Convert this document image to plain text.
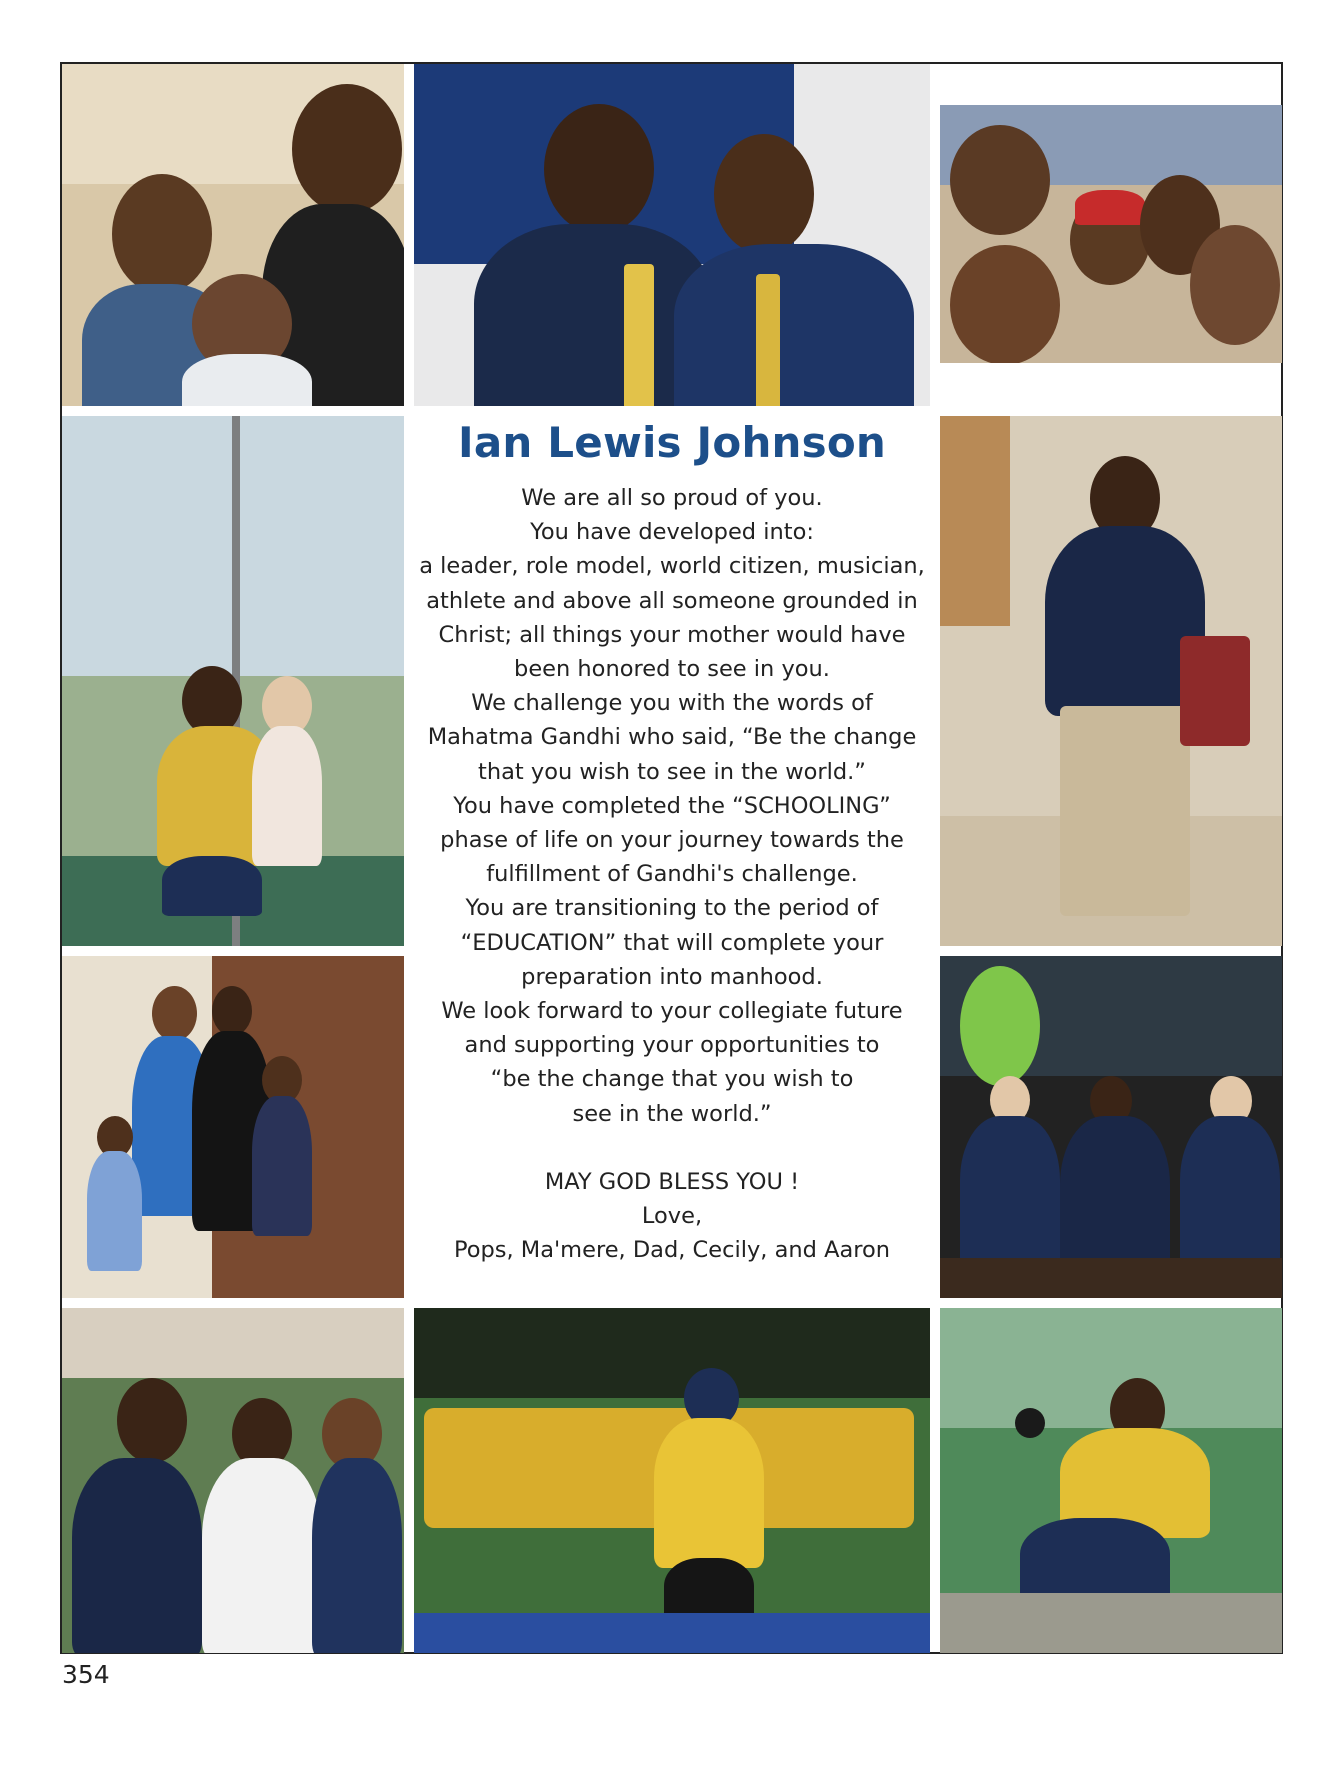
Ian Lewis Johnson
We are all so proud of you.
You have developed into:
a leader, role model, world citizen, musician,
athlete and above all someone grounded in
Christ; all things your mother would have
been honored to see in you.
We challenge you with the words of
Mahatma Gandhi who said, “Be the change
that you wish to see in the world.”
You have completed the “SCHOOLING”
phase of life on your journey towards the
fulfillment of Gandhi's challenge.
You are transitioning to the period of
“EDUCATION” that will complete your
preparation into manhood.
We look forward to your collegiate future
and supporting your opportunities to
“be the change that you wish to
see in the world.”
MAY GOD BLESS YOU !
Love,
Pops, Ma'mere, Dad, Cecily, and Aaron
354
